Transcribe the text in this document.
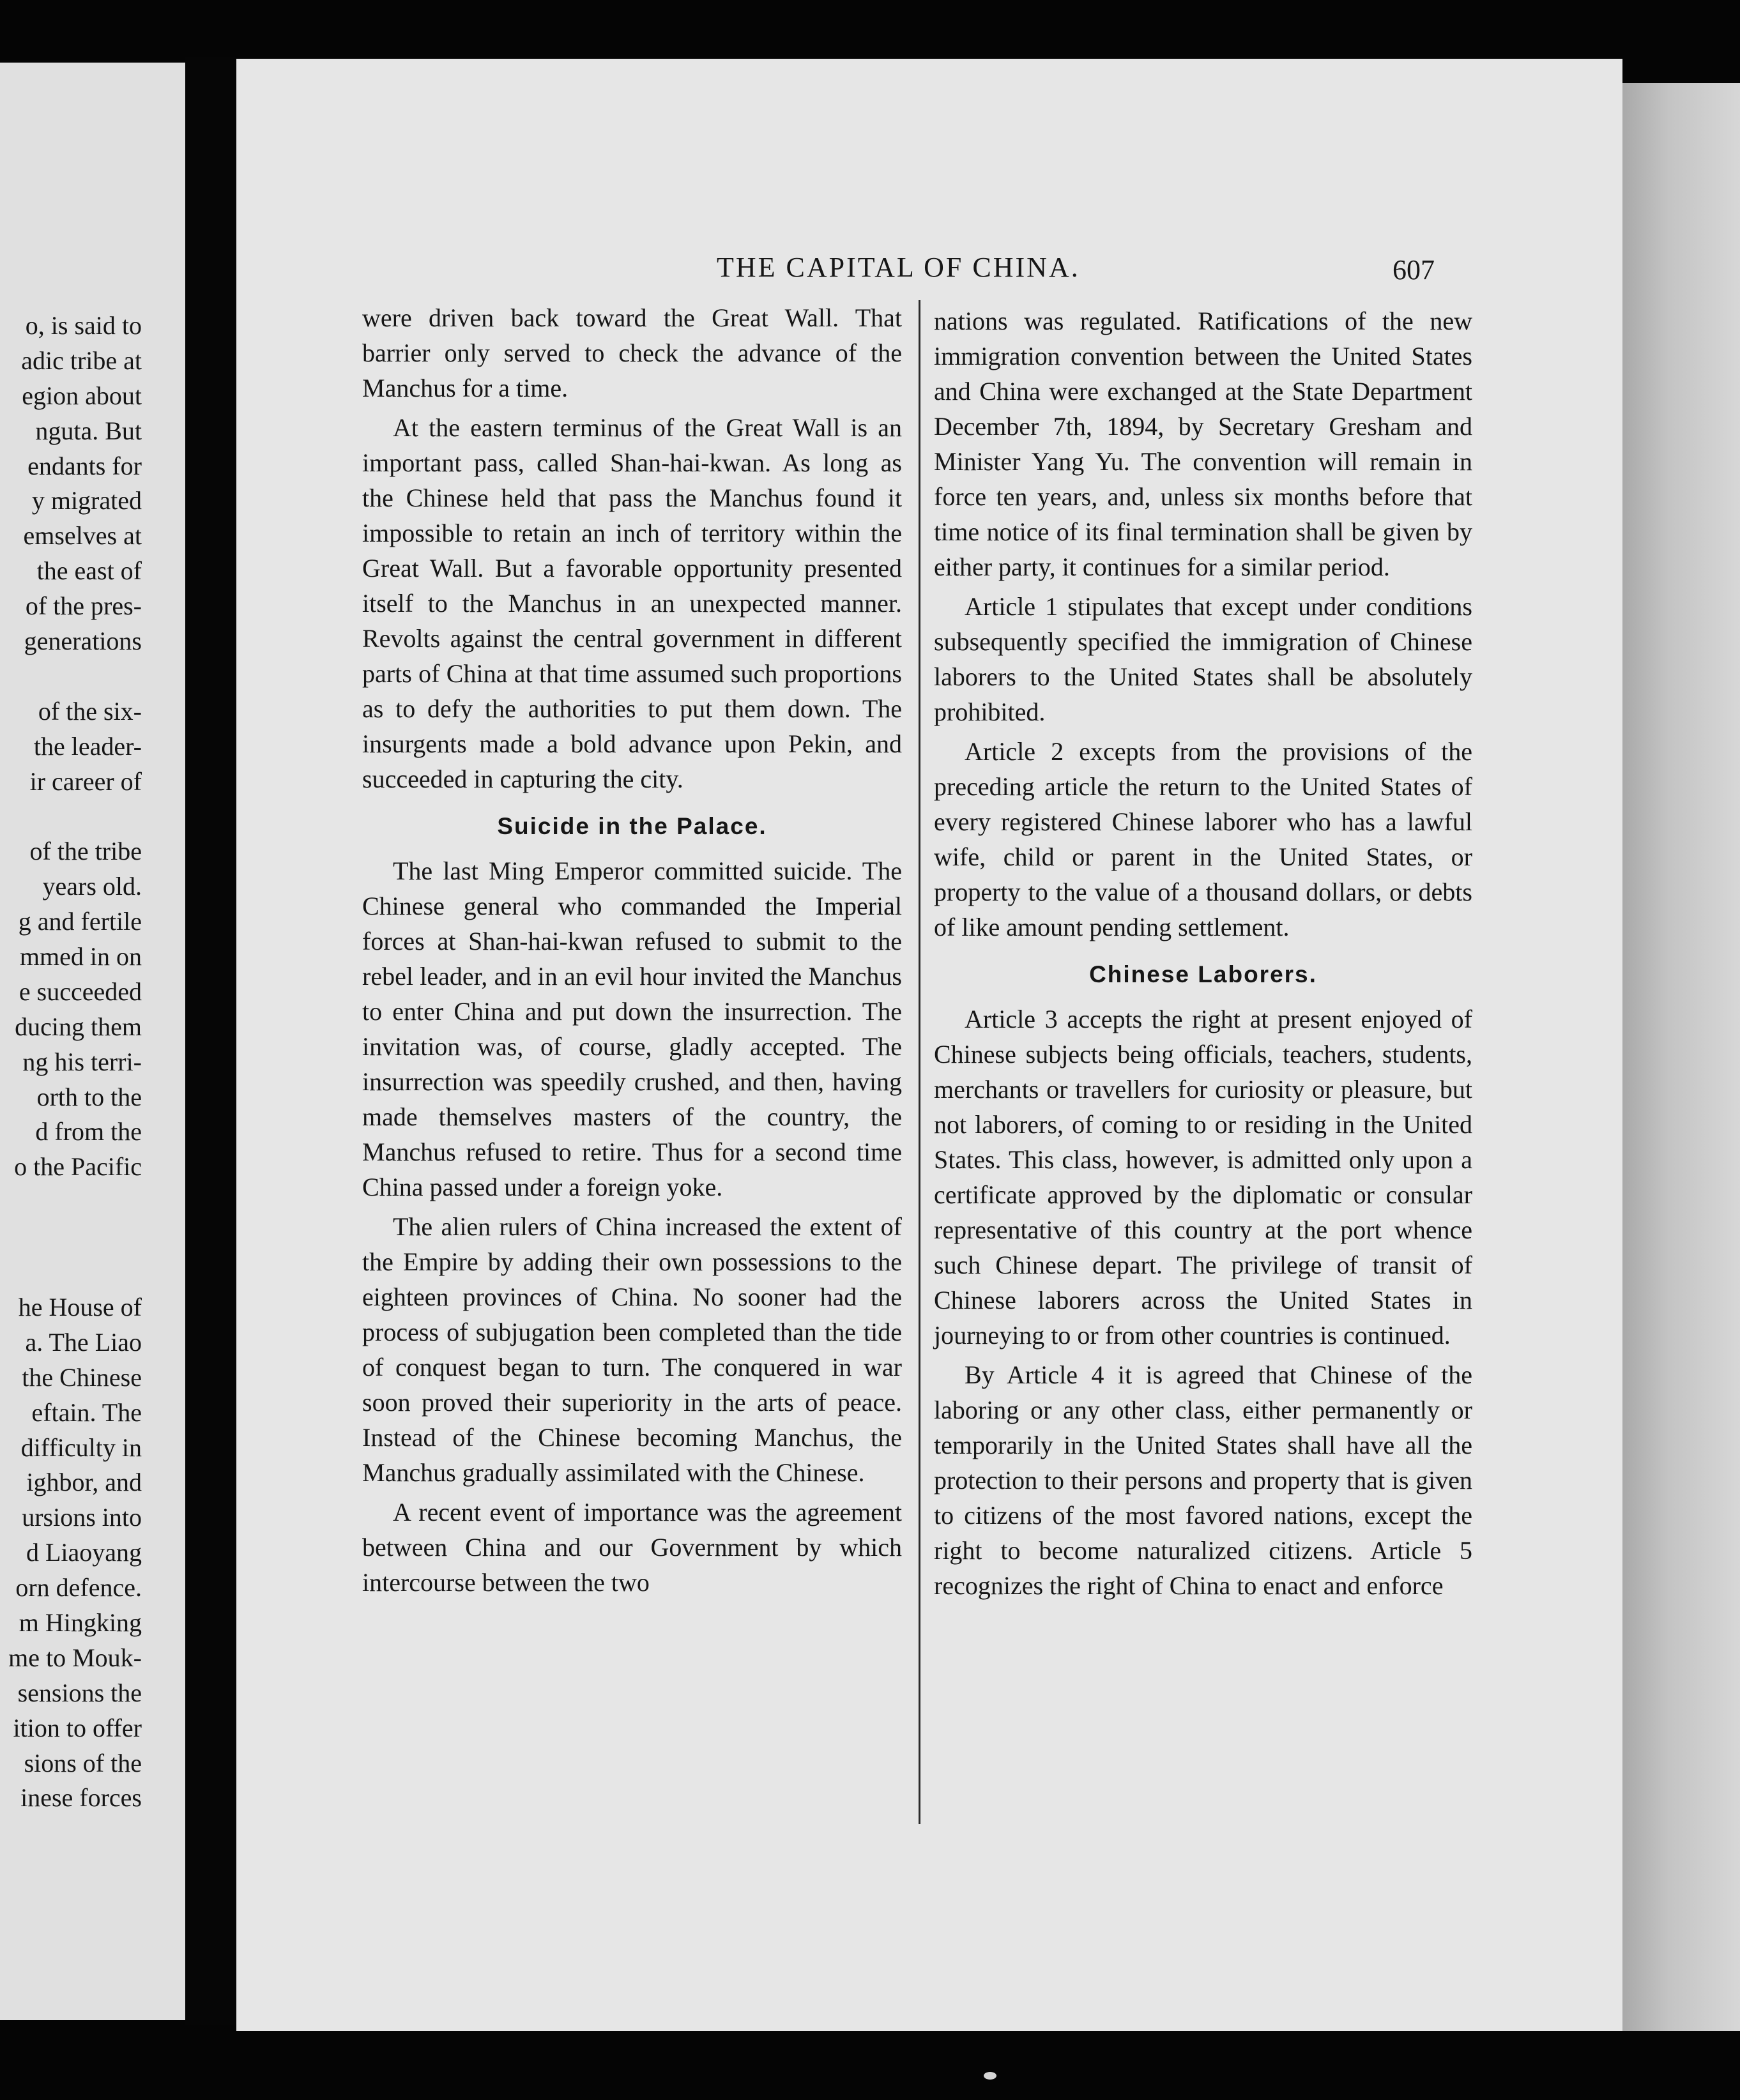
o, is said to
adic tribe at
egion about
nguta. But
endants for
y migrated
emselves at
the east of
of the pres-
generations
of the six-
the leader-
ir career of
of the tribe
years old.
g and fertile
mmed in on
e succeeded
ducing them
ng his terri-
orth to the
d from the
o the Pacific
he House of
a. The Liao
the Chinese
eftain. The
difficulty in
ighbor, and
ursions into
d Liaoyang
orn defence.
m Hingking
me to Mouk-
sensions the
ition to offer
sions of the
inese forces
THE CAPITAL OF CHINA.	607

were driven back toward the Great Wall. That barrier only served to check the advance of the Manchus for a time.

At the eastern terminus of the Great Wall is an important pass, called Shan-hai-kwan. As long as the Chinese held that pass the Manchus found it impossible to retain an inch of territory within the Great Wall. But a favorable opportunity presented itself to the Manchus in an unexpected manner. Revolts against the central government in different parts of China at that time assumed such proportions as to defy the authorities to put them down. The insurgents made a bold advance upon Pekin, and succeeded in capturing the city.

Suicide in the Palace.

The last Ming Emperor committed suicide. The Chinese general who commanded the Imperial forces at Shan-hai-kwan refused to submit to the rebel leader, and in an evil hour invited the Manchus to enter China and put down the insurrection. The invitation was, of course, gladly accepted. The insurrection was speedily crushed, and then, having made themselves masters of the country, the Manchus refused to retire. Thus for a second time China passed under a foreign yoke.

The alien rulers of China increased the extent of the Empire by adding their own possessions to the eighteen provinces of China. No sooner had the process of subjugation been completed than the tide of conquest began to turn. The conquered in war soon proved their superiority in the arts of peace. Instead of the Chinese becoming Manchus, the Manchus gradually assimilated with the Chinese.

A recent event of importance was the agreement between China and our Government by which intercourse between the two

nations was regulated. Ratifications of the new immigration convention between the United States and China were exchanged at the State Department December 7th, 1894, by Secretary Gresham and Minister Yang Yu. The convention will remain in force ten years, and, unless six months before that time notice of its final termination shall be given by either party, it continues for a similar period.

Article 1 stipulates that except under conditions subsequently specified the immigration of Chinese laborers to the United States shall be absolutely prohibited.

Article 2 excepts from the provisions of the preceding article the return to the United States of every registered Chinese laborer who has a lawful wife, child or parent in the United States, or property to the value of a thousand dollars, or debts of like amount pending settlement.

Chinese Laborers.

Article 3 accepts the right at present enjoyed of Chinese subjects being officials, teachers, students, merchants or travellers for curiosity or pleasure, but not laborers, of coming to or residing in the United States. This class, however, is admitted only upon a certificate approved by the diplomatic or consular representative of this country at the port whence such Chinese depart. The privilege of transit of Chinese laborers across the United States in journeying to or from other countries is continued.

By Article 4 it is agreed that Chinese of the laboring or any other class, either permanently or temporarily in the United States shall have all the protection to their persons and property that is given to citizens of the most favored nations, except the right to become naturalized citizens. Article 5 recognizes the right of China to enact and enforce
